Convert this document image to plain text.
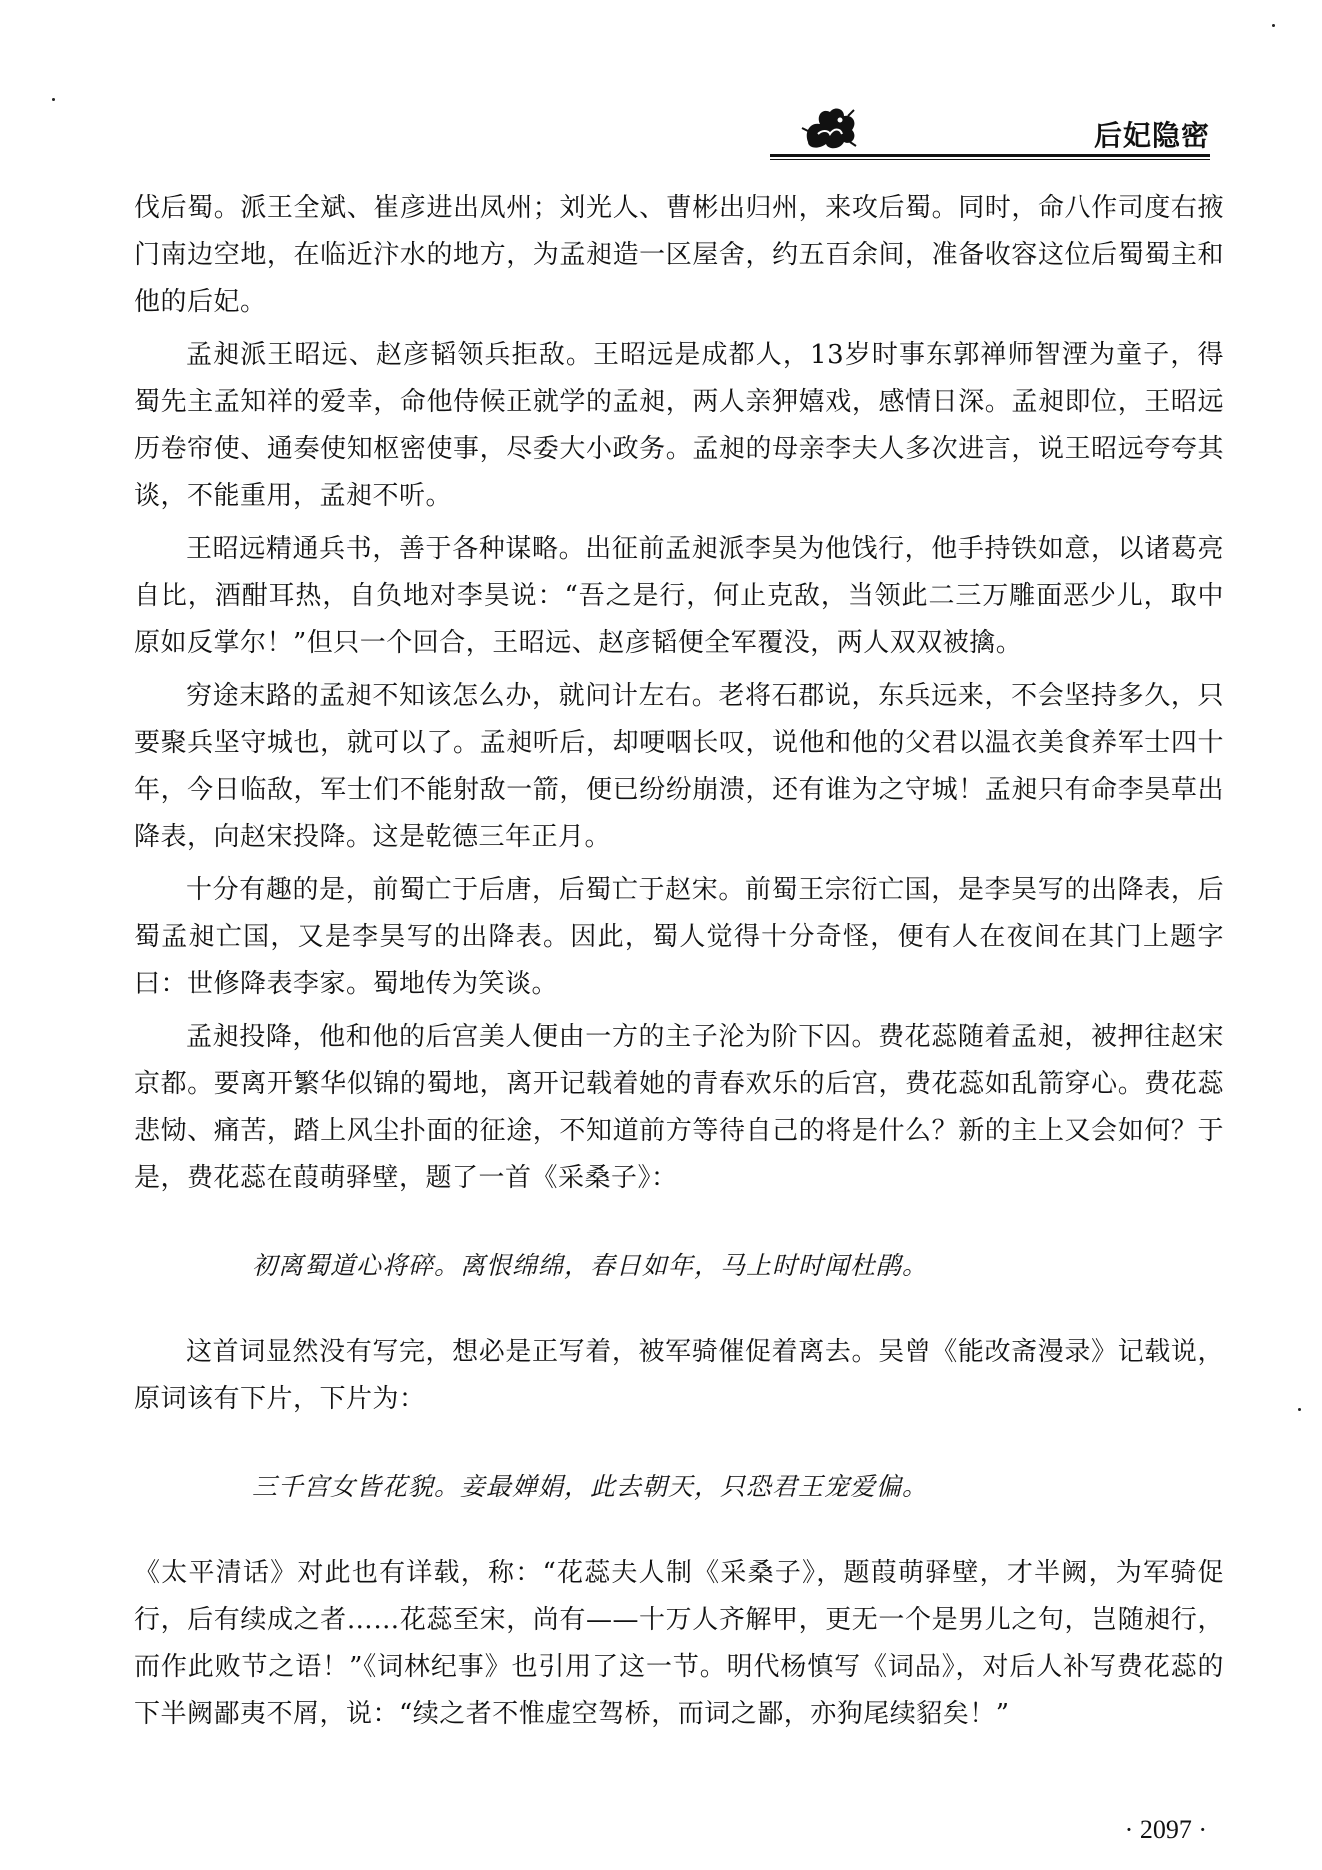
后妃隐密

伐后蜀。派王全斌、崔彦进出凤州；刘光人、曹彬出归州，来攻后蜀。同时，命八作司度右掖门南边空地，在临近汴水的地方，为孟昶造一区屋舍，约五百余间，准备收容这位后蜀蜀主和他的后妃。

孟昶派王昭远、赵彦韬领兵拒敌。王昭远是成都人，13岁时事东郭禅师智湮为童子，得蜀先主孟知祥的爱幸，命他侍候正就学的孟昶，两人亲狎嬉戏，感情日深。孟昶即位，王昭远历卷帘使、通奏使知枢密使事，尽委大小政务。孟昶的母亲李夫人多次进言，说王昭远夸夸其谈，不能重用，孟昶不听。

王昭远精通兵书，善于各种谋略。出征前孟昶派李昊为他饯行，他手持铁如意，以诸葛亮自比，酒酣耳热，自负地对李昊说：“吾之是行，何止克敌，当领此二三万雕面恶少儿，取中原如反掌尔！”但只一个回合，王昭远、赵彦韬便全军覆没，两人双双被擒。

穷途末路的孟昶不知该怎么办，就问计左右。老将石郡说，东兵远来，不会坚持多久，只要聚兵坚守城也，就可以了。孟昶听后，却哽咽长叹，说他和他的父君以温衣美食养军士四十年，今日临敌，军士们不能射敌一箭，便已纷纷崩溃，还有谁为之守城！孟昶只有命李昊草出降表，向赵宋投降。这是乾德三年正月。

十分有趣的是，前蜀亡于后唐，后蜀亡于赵宋。前蜀王宗衍亡国，是李昊写的出降表，后蜀孟昶亡国，又是李昊写的出降表。因此，蜀人觉得十分奇怪，便有人在夜间在其门上题字曰：世修降表李家。蜀地传为笑谈。

孟昶投降，他和他的后宫美人便由一方的主子沦为阶下囚。费花蕊随着孟昶，被押往赵宋京都。要离开繁华似锦的蜀地，离开记载着她的青春欢乐的后宫，费花蕊如乱箭穿心。费花蕊悲恸、痛苦，踏上风尘扑面的征途，不知道前方等待自己的将是什么？新的主上又会如何？于是，费花蕊在葭萌驿壁，题了一首《采桑子》：

初离蜀道心将碎。离恨绵绵，春日如年，马上时时闻杜鹃。

这首词显然没有写完，想必是正写着，被军骑催促着离去。吴曾《能改斋漫录》记载说，原词该有下片，下片为：

三千宫女皆花貌。妾最婵娟，此去朝天，只恐君王宠爱偏。

《太平清话》对此也有详载，称：“花蕊夫人制《采桑子》，题葭萌驿壁，才半阙，为军骑促行，后有续成之者……花蕊至宋，尚有——十万人齐解甲，更无一个是男儿之句，岂随昶行，而作此败节之语！”《词林纪事》也引用了这一节。明代杨慎写《词品》，对后人补写费花蕊的下半阙鄙夷不屑，说：“续之者不惟虚空驾桥，而词之鄙，亦狗尾续貂矣！”

· 2097 ·
